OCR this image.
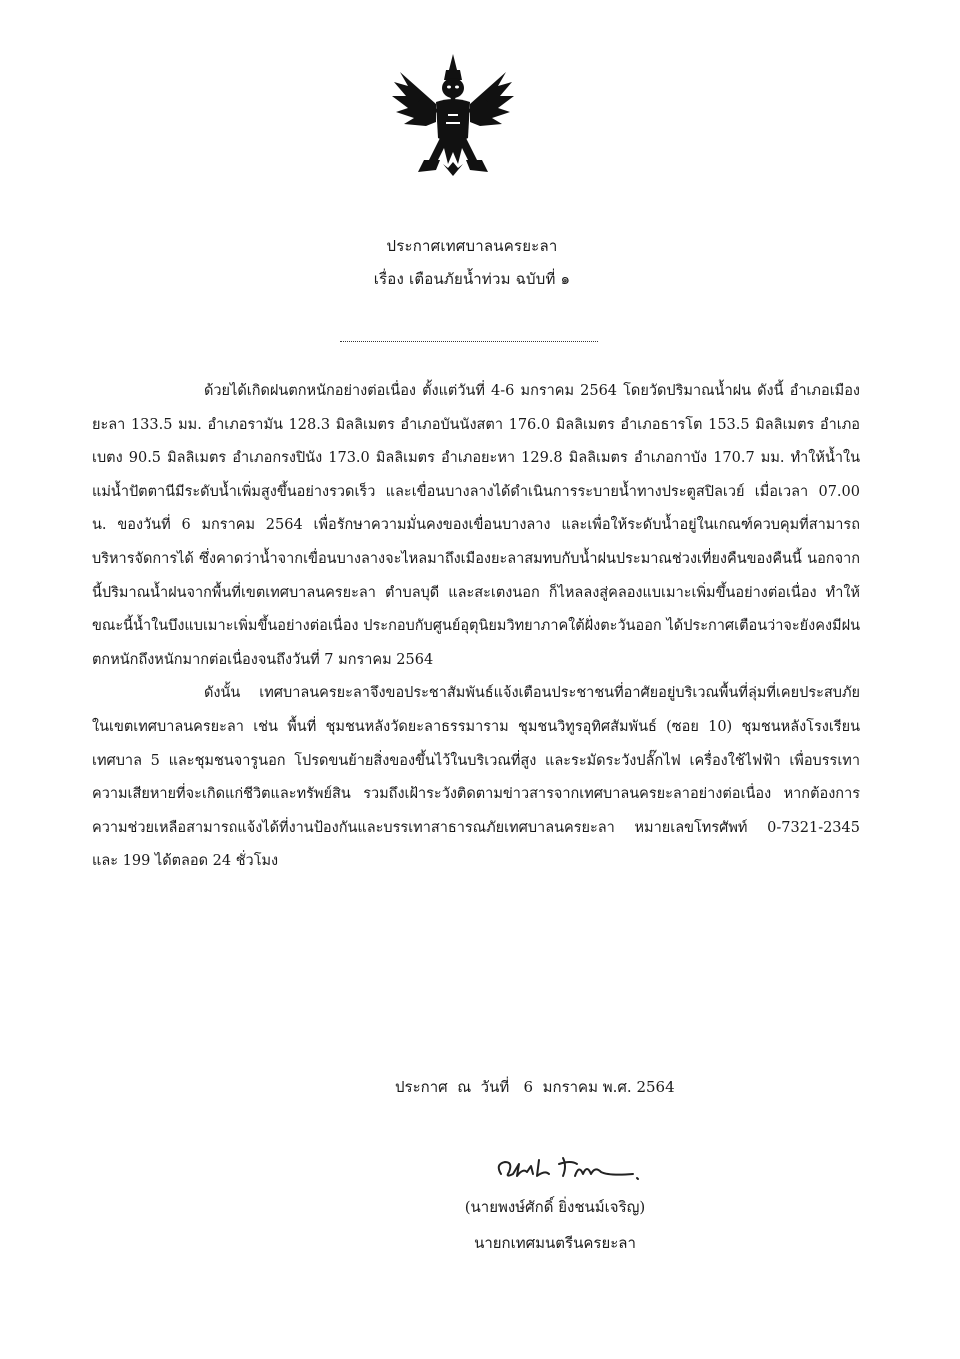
ประกาศเทศบาลนครยะลา
เรื่อง เตือนภัยน้ำท่วม ฉบับที่ ๑

ด้วยได้เกิดฝนตกหนักอย่างต่อเนื่อง ตั้งแต่วันที่ 4-6 มกราคม 2564 โดยวัดปริมาณน้ำฝน ดังนี้ อำเภอเมืองยะลา 133.5 มม. อำเภอรามัน 128.3 มิลลิเมตร อำเภอบันนังสตา 176.0 มิลลิเมตร อำเภอธารโต 153.5 มิลลิเมตร อำเภอเบตง 90.5 มิลลิเมตร อำเภอกรงปินัง 173.0 มิลลิเมตร อำเภอยะหา 129.8 มิลลิเมตร อำเภอกาบัง 170.7 มม. ทำให้น้ำในแม่น้ำปัตตานีมีระดับน้ำเพิ่มสูงขึ้นอย่างรวดเร็ว และเขื่อนบางลางได้ดำเนินการระบายน้ำทางประตูสปิลเวย์ เมื่อเวลา 07.00 น. ของวันที่ 6 มกราคม 2564 เพื่อรักษาความมั่นคงของเขื่อนบางลาง และเพื่อให้ระดับน้ำอยู่ในเกณฑ์ควบคุมที่สามารถบริหารจัดการได้ ซึ่งคาดว่าน้ำจากเขื่อนบางลางจะไหลมาถึงเมืองยะลาสมทบกับน้ำฝนประมาณช่วงเที่ยงคืนของคืนนี้ นอกจากนี้ปริมาณน้ำฝนจากพื้นที่เขตเทศบาลนครยะลา ตำบลบุดี และสะเตงนอก ก็ไหลลงสู่คลองแบเมาะเพิ่มขึ้นอย่างต่อเนื่อง ทำให้ขณะนี้น้ำในบึงแบเมาะเพิ่มขึ้นอย่างต่อเนื่อง ประกอบกับศูนย์อุตุนิยมวิทยาภาคใต้ฝั่งตะวันออก ได้ประกาศเตือนว่าจะยังคงมีฝนตกหนักถึงหนักมากต่อเนื่องจนถึงวันที่ 7 มกราคม 2564

ดังนั้น เทศบาลนครยะลาจึงขอประชาสัมพันธ์แจ้งเตือนประชาชนที่อาศัยอยู่บริเวณพื้นที่ลุ่มที่เคยประสบภัยในเขตเทศบาลนครยะลา เช่น พื้นที่ ชุมชนหลังวัดยะลาธรรมาราม ชุมชนวิทูรอุทิศสัมพันธ์ (ซอย 10) ชุมชนหลังโรงเรียนเทศบาล 5 และชุมชนจารูนอก โปรดขนย้ายสิ่งของขึ้นไว้ในบริเวณที่สูง และระมัดระวังปลั๊กไฟ เครื่องใช้ไฟฟ้า เพื่อบรรเทาความเสียหายที่จะเกิดแก่ชีวิตและทรัพย์สิน รวมถึงเฝ้าระวังติดตามข่าวสารจากเทศบาลนครยะลาอย่างต่อเนื่อง หากต้องการความช่วยเหลือสามารถแจ้งได้ที่งานป้องกันและบรรเทาสาธารณภัยเทศบาลนครยะลา หมายเลขโทรศัพท์ 0-7321-2345 และ 199 ได้ตลอด 24 ชั่วโมง

ประกาศ  ณ  วันที่   6  มกราคม พ.ศ. 2564
(นายพงษ์ศักดิ์ ยิ่งชนม์เจริญ)
นายกเทศมนตรีนครยะลา
